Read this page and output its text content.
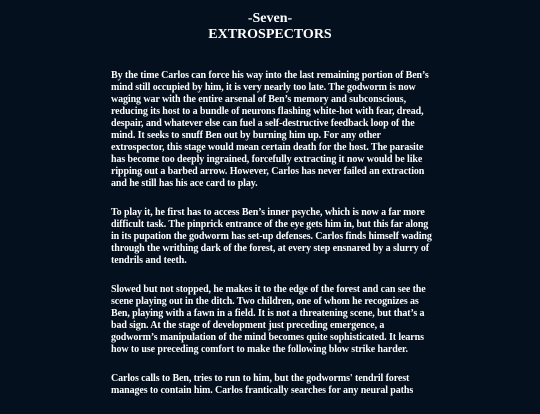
-Seven-
EXTROSPECTORS

By the time Carlos can force his way into the last remaining portion of Ben’s mind still occupied by him, it is very nearly too late. The godworm is now waging war with the entire arsenal of Ben’s memory and subconscious, reducing its host to a bundle of neurons flashing white-hot with fear, dread, despair, and whatever else can fuel a self-destructive feedback loop of the mind. It seeks to snuff Ben out by burning him up. For any other extrospector, this stage would mean certain death for the host. The parasite has become too deeply ingrained, forcefully extracting it now would be like ripping out a barbed arrow. However, Carlos has never failed an extraction and he still has his ace card to play.

To play it, he first has to access Ben’s inner psyche, which is now a far more difficult task. The pinprick entrance of the eye gets him in, but this far along in its pupation the godworm has set-up defenses. Carlos finds himself wading through the writhing dark of the forest, at every step ensnared by a slurry of tendrils and teeth.

Slowed but not stopped, he makes it to the edge of the forest and can see the scene playing out in the ditch. Two children, one of whom he recognizes as Ben, playing with a fawn in a field. It is not a threatening scene, but that’s a bad sign. At the stage of development just preceding emergence, a godworm’s manipulation of the mind becomes quite sophisticated. It learns how to use preceding comfort to make the following blow strike harder.

Carlos calls to Ben, tries to run to him, but the godworms' tendril forest manages to contain him. Carlos frantically searches for any neural paths
